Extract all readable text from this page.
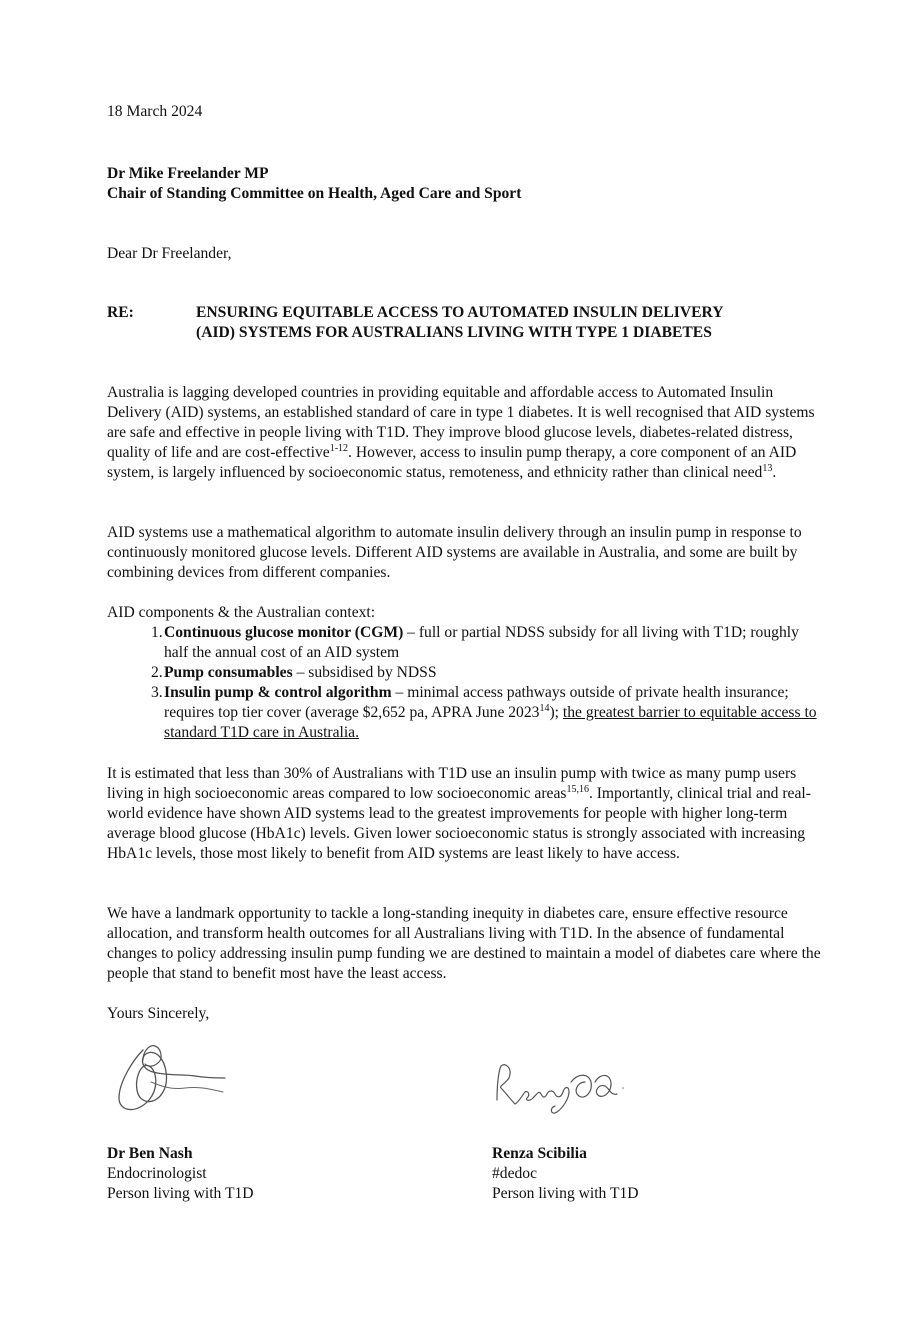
18 March 2024

Dr Mike Freelander MP

Chair of Standing Committee on Health, Aged Care and Sport

Dear Dr Freelander,

RE:	ENSURING EQUITABLE ACCESS TO AUTOMATED INSULIN DELIVERY
(AID) SYSTEMS FOR AUSTRALIANS LIVING WITH TYPE 1 DIABETES

Australia is lagging developed countries in providing equitable and affordable access to Automated Insulin Delivery (AID) systems, an established standard of care in type 1 diabetes. It is well recognised that AID systems are safe and effective in people living with T1D. They improve blood glucose levels, diabetes-related distress, quality of life and are cost-effective$^{1-12}$. However, access to insulin pump therapy, a core component of an AID system, is largely influenced by socioeconomic status, remoteness, and ethnicity rather than clinical need$^{13}$.

AID systems use a mathematical algorithm to automate insulin delivery through an insulin pump in response to continuously monitored glucose levels. Different AID systems are available in Australia, and some are built by combining devices from different companies.

AID components & the Australian context:

1.Continuous glucose monitor (CGM) – full or partial NDSS subsidy for all living with T1D; roughly half the annual cost of an AID system
2.Pump consumables – subsidised by NDSS
3.Insulin pump & control algorithm – minimal access pathways outside of private health insurance; requires top tier cover (average $2,652 pa, APRA June 2023$^{14}$); the greatest barrier to equitable access to standard T1D care in Australia.

It is estimated that less than 30% of Australians with T1D use an insulin pump with twice as many pump users living in high socioeconomic areas compared to low socioeconomic areas$^{15,16}$. Importantly, clinical trial and real-world evidence have shown AID systems lead to the greatest improvements for people with higher long-term average blood glucose (HbA1c) levels. Given lower socioeconomic status is strongly associated with increasing HbA1c levels, those most likely to benefit from AID systems are least likely to have access.

We have a landmark opportunity to tackle a long-standing inequity in diabetes care, ensure effective resource allocation, and transform health outcomes for all Australians living with T1D. In the absence of fundamental changes to policy addressing insulin pump funding we are destined to maintain a model of diabetes care where the people that stand to benefit most have the least access.

Yours Sincerely,

Dr Ben Nash

Endocrinologist

Person living with T1D

Renza Scibilia

#dedoc

Person living with T1D
